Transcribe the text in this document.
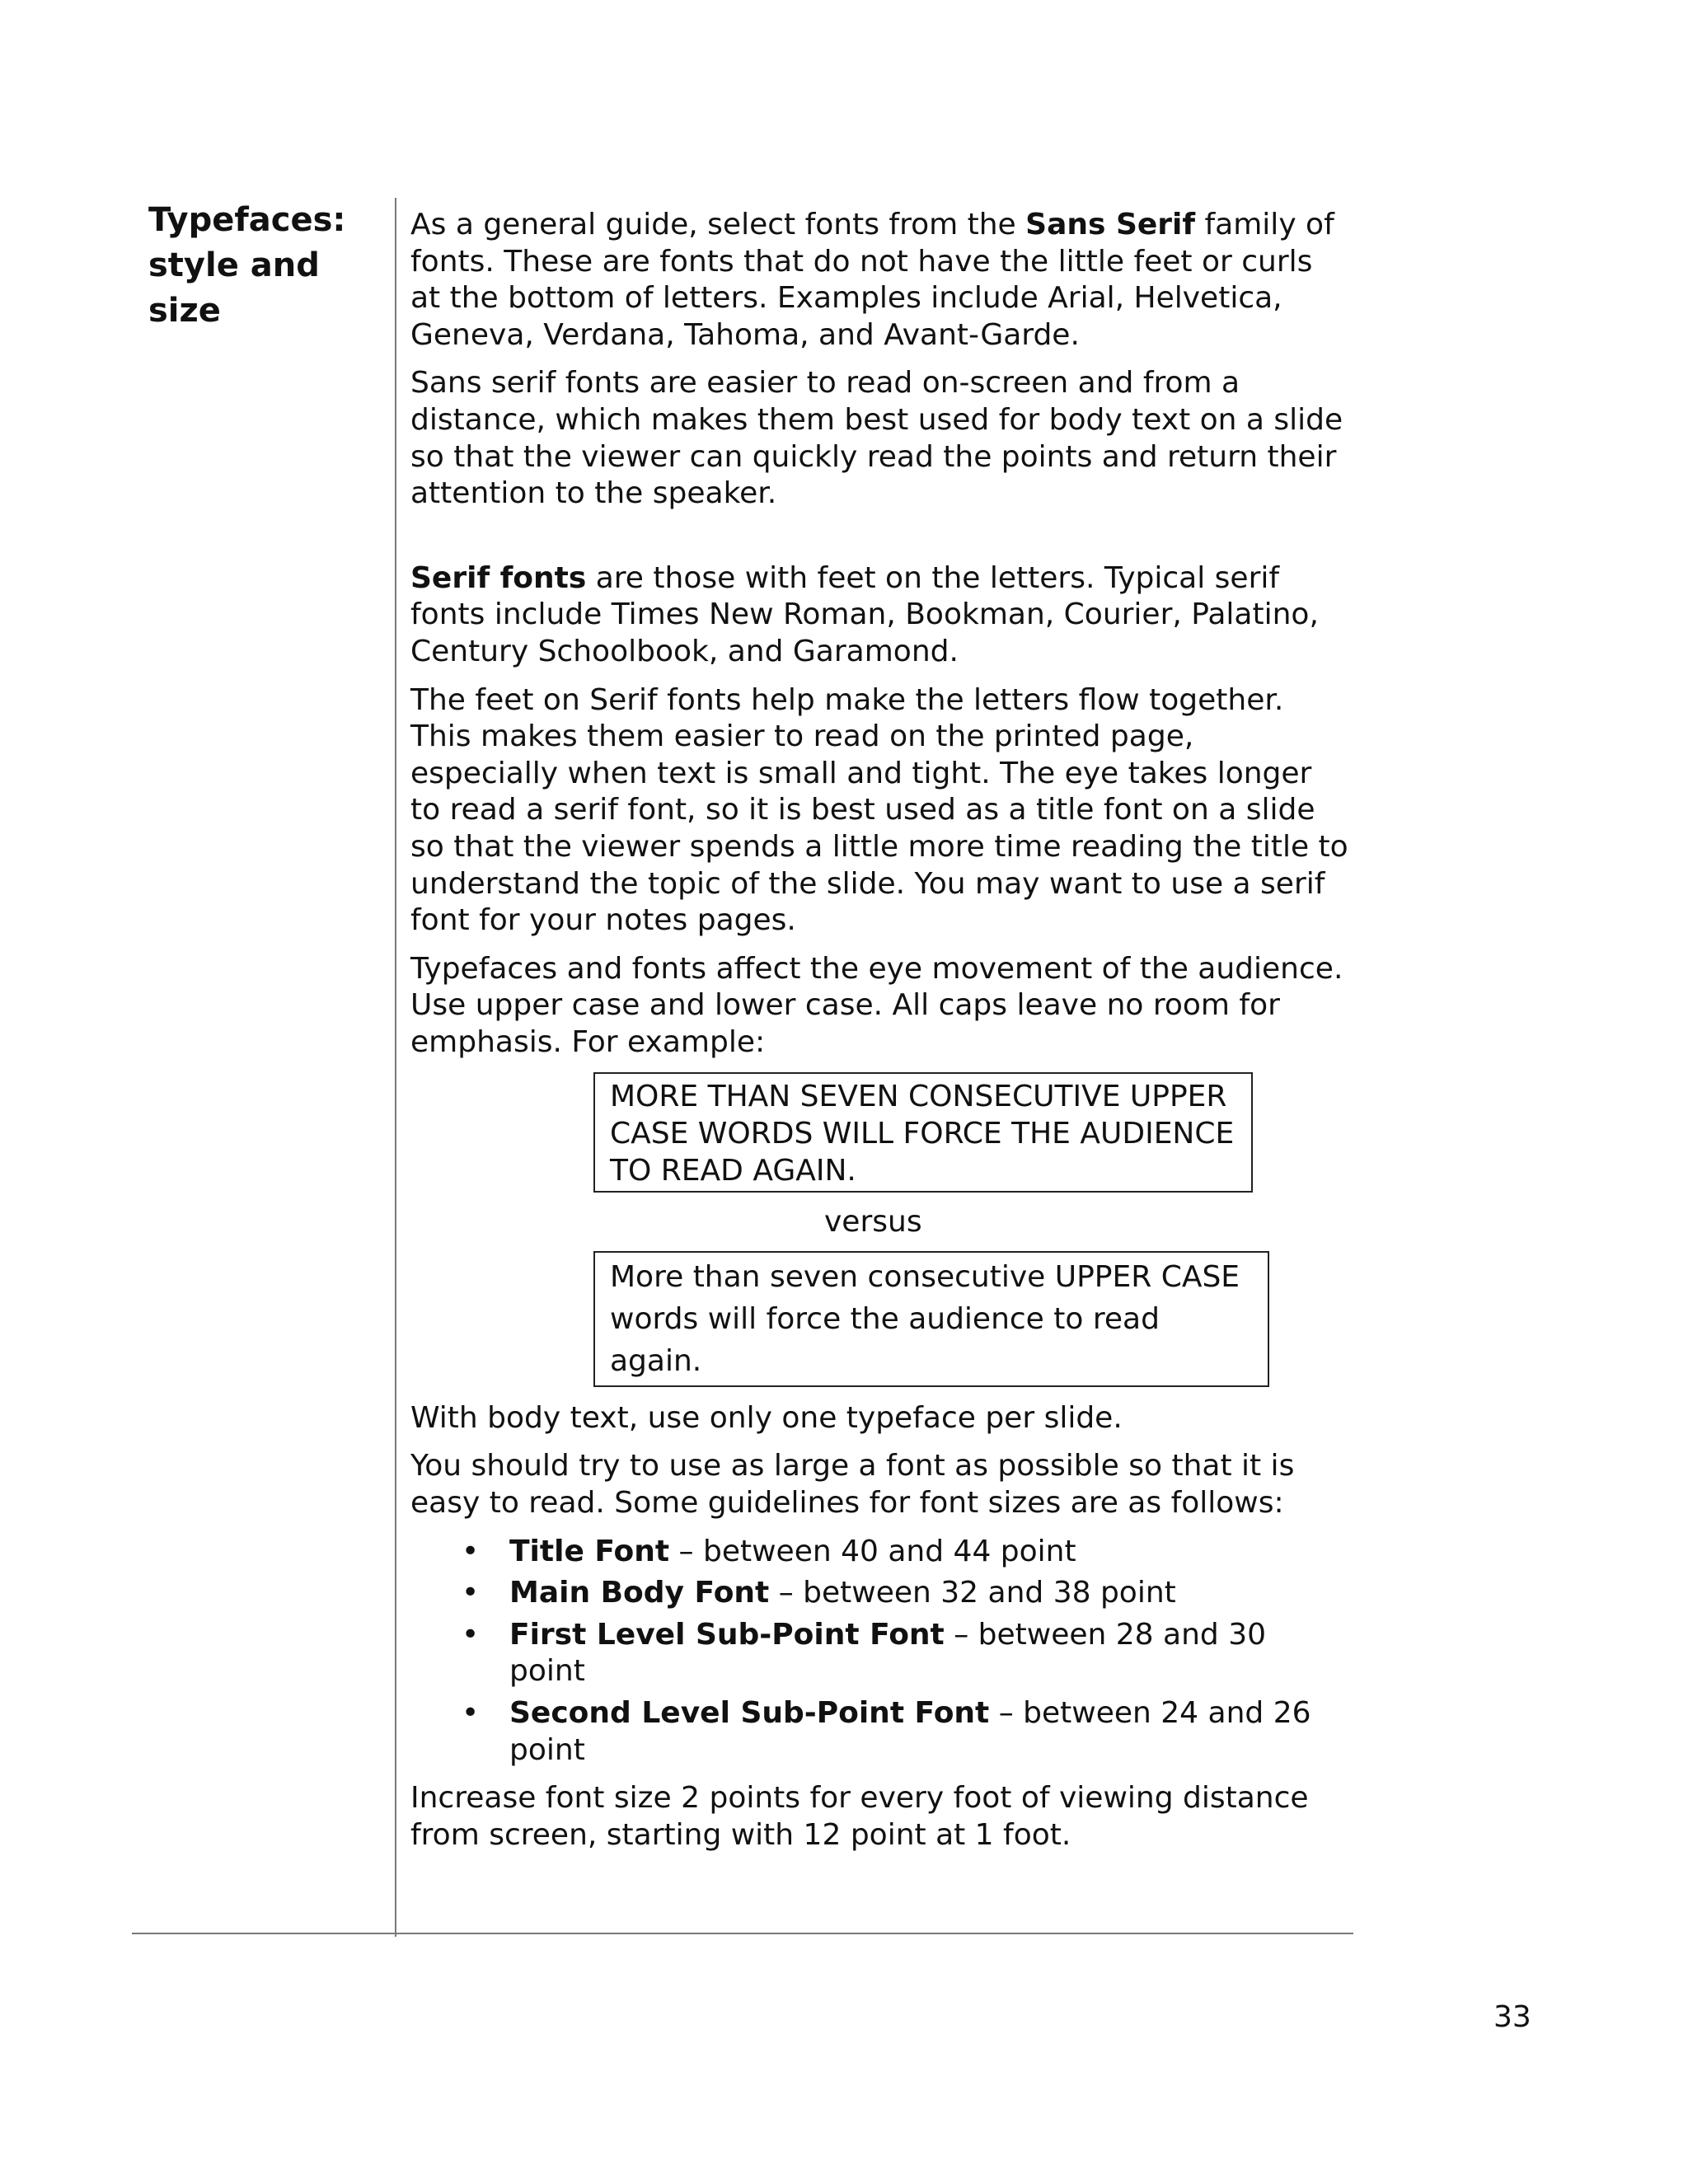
Typefaces:
style and
size

As a general guide, select fonts from the Sans Serif family of fonts. These are fonts that do not have the little feet or curls at the bottom of letters. Examples include Arial, Helvetica, Geneva, Verdana, Tahoma, and Avant-Garde.

Sans serif fonts are easier to read on-screen and from a distance, which makes them best used for body text on a slide so that the viewer can quickly read the points and return their attention to the speaker.

Serif fonts are those with feet on the letters. Typical serif fonts include Times New Roman, Bookman, Courier, Palatino, Century Schoolbook, and Garamond.

The feet on Serif fonts help make the letters flow together. This makes them easier to read on the printed page, especially when text is small and tight. The eye takes longer to read a serif font, so it is best used as a title font on a slide so that the viewer spends a little more time reading the title to understand the topic of the slide. You may want to use a serif font for your notes pages.

Typefaces and fonts affect the eye movement of the audience. Use upper case and lower case. All caps leave no room for emphasis. For example:

MORE THAN SEVEN CONSECUTIVE UPPER CASE WORDS WILL FORCE THE AUDIENCE TO READ AGAIN.
versus
More than seven consecutive UPPER CASE words will force the audience to read again.

With body text, use only one typeface per slide.

You should try to use as large a font as possible so that it is easy to read. Some guidelines for font sizes are as follows:

• Title Font – between 40 and 44 point
• Main Body Font – between 32 and 38 point
• First Level Sub-Point Font – between 28 and 30 point
• Second Level Sub-Point Font – between 24 and 26 point

Increase font size 2 points for every foot of viewing distance from screen, starting with 12 point at 1 foot.

33
